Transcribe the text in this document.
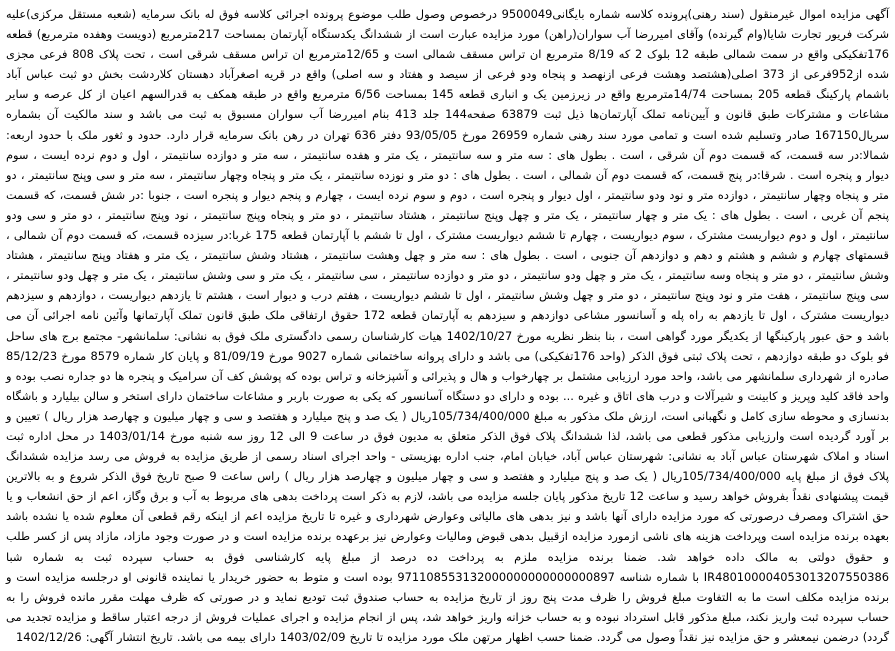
آگهی مزایده اموال غیرمنقول (سند رهنی)پرونده کلاسه شماره بایگانی9500049 درخصوص وصول طلب موضوع پرونده اجرائی کلاسه فوق له بانک سرمایه (شعبه مستقل مرکزی)علیه شرکت فریور تجارت شایا(وام گیرنده) وآقای امیررضا آب سواران(راهن) مورد مزایده عبارت است از ششدانگ یکدستگاه آپارتمان بمساحت 217مترمربع (دویست وهفده مترمربع) قطعه 176تفکیکی واقع در سمت شمالی طبقه 12 بلوک 2 که 8/19 مترمربع ان تراس مسقف شمالی است و 12/65مترمربع ان تراس مسقف شرقی است ، تحت پلاک 808 فرعی مجزی شده از952فرعی از 373 اصلی(هشتصد وهشت فرعی ازنهصد و پنجاه ودو فرعی از سیصد و هفتاد و سه اصلی) واقع در قریه اصغرآباد دهستان کلاردشت بخش دو ثبت عباس آباد باشمام پارکینگ قطعه 205 بمساحت 14/74مترمربع واقع در زیرزمین یک و انباری قطعه 145 بمساحت 6/56 مترمربع واقع در طبقه همکف به قدرالسهم اعیان از کل عرصه و سایر مشاعات و مشترکات طبق قانون و آیین‌نامه تملک آپارتمان‌ها ذیل ثبت 63879 صفحه144 جلد 413 بنام امیررضا آب سواران مسبوق به ثبت می باشد و سند مالکیت آن بشماره سریال167150 صادر وتسلیم شده است و تمامی مورد سند رهنی شماره 26959 مورخ 93/05/05 دفتر 636 تهران در رهن بانک سرمایه قرار دارد. حدود و ثغور ملک با حدود اربعه: شمالا:در سه قسمت، که قسمت دوم آن شرقی ، است . بطول های : سه متر و سه سانتیمتر ، یک متر و هفده سانتیمتر ، سه متر و دوازده سانتیمتر ، اول و دوم نرده ایست ، سوم دیوار و پنجره است . شرقا:در پنج قسمت، که قسمت دوم آن شمالی ، است . بطول های : دو متر و نوزده سانتیمتر ، یک متر و پنجاه وچهار سانتیمتر ، سه متر و سی وپنج سانتیمتر ، دو متر و پنجاه وچهار سانتیمتر ، دوازده متر و نود ودو سانتیمتر ، اول دیوار و پنجره است ، دوم و سوم نرده ایست ، چهارم و پنجم دیوار و پنجره است ، جنوبا :در شش قسمت، که قسمت پنجم آن غربی ، است . بطول های : یک متر و چهار سانتیمتر ، یک متر و چهل وپنج سانتیمتر ، هشتاد سانتیمتر ، دو متر و پنجاه وپنج سانتیمتر ، نود وپنج سانتیمتر ، دو متر و سی ودو سانتیمتر ، اول و دوم دیواریست مشترک ، سوم دیواریست ، چهارم تا ششم دیواریست مشترک ، اول تا ششم با آپارتمان قطعه 175 غربا:در سیزده قسمت، که قسمت دوم آن شمالی ، قسمتهای چهارم و ششم و هشتم و دهم و دوازدهم آن جنوبی ، است . بطول های : سه متر و چهل وهشت سانتیمتر ، هشتاد وشش سانتیمتر ، یک متر و هفتاد وپنج سانتیمتر ، هشتاد وشش سانتیمتر ، دو متر و پنجاه وسه سانتیمتر ، یک متر و چهل ودو سانتیمتر ، دو متر و دوازده سانتیمتر ، سی سانتیمتر ، یک متر و سی وشش سانتیمتر ، یک متر و چهل ودو سانتیمتر ، سی وپنج سانتیمتر ، هفت متر و نود وپنج سانتیمتر ، دو متر و چهل وشش سانتیمتر ، اول تا ششم دیواریست ، هفتم درب و دیوار است ، هشتم تا یازدهم دیواریست ، دوازدهم و سیزدهم دیواریست مشترک ، اول تا یازدهم به راه پله و آسانسور مشاعی دوازدهم و سیزدهم به آپارتمان قطعه 172 حقوق ارتفاقی ملک طبق قانون تملک آپارتمانها وآئین نامه اجرائی آن می باشد و حق عبور پارکینگها از یکدیگر مورد گواهی است ، بنا بنظر نظریه مورخ 1402/10/27 هیات کارشناسان رسمی دادگستری ملک فوق به نشانی: سلمانشهر- مجتمع برج های ساحل فو بلوک دو طبقه دوازدهم ، تحت پلاک ثبتی فوق الذکر (واحد 176تفکیکی) می باشد و دارای پروانه ساختمانی شماره 9027 مورخ 81/09/19 و پایان کار شماره 8579 مورخ 85/12/23 صادره از شهرداری سلمانشهر می باشد، واحد مورد ارزیابی مشتمل بر چهارخواب و هال و پذیرائی و آشپزخانه و تراس بوده که پوشش کف آن سرامیک و پنجره ها دو جداره نصب بوده و واحد فاقد کلید وپریز و کابینت و شیرآلات و درب های اتاق و غیره ... بوده و دارای دو دستگاه آسانسور که یکی به صورت باربر و مشاعات ساختمان دارای استخر و سالن بیلیارد و باشگاه بدنسازی و محوطه سازی کامل و نگهبانی است، ارزش ملک مذکور به مبلغ 105/734/400/000ریال ( یک صد و پنج میلیارد و هفتصد و سی و چهار میلیون و چهارصد هزار ریال ) تعیین و بر آورد گردیده است وارزیابی مذکور قطعی می باشد، لذا ششدانگ پلاک فوق الذکر متعلق به مدیون فوق در ساعت 9 الی 12 روز سه شنبه مورخ 1403/01/14 در محل اداره ثبت اسناد و املاک شهرستان عباس آباد به نشانی: شهرستان عباس آباد، خیابان امام، جنب اداره بهزیستی - واحد اجرای اسناد رسمی از طریق مزایده به فروش می رسد مزایده ششدانگ پلاک فوق از مبلغ پایه 105/734/400/000ریال ( یک صد و پنج میلیارد و هفتصد و سی و چهار میلیون و چهارصد هزار ریال ) راس ساعت 9 صبح تاریخ فوق الذکر شروع و به بالاترین قیمت پیشنهادی نقداً بفروش خواهد رسید و ساعت 12 تاریخ مذکور پایان جلسه مزایده می باشد، لازم به ذکر است پرداخت بدهی های مربوط به آب و برق وگاز، اعم از حق انشعاب و یا حق اشتراک ومصرف درصورتی که مورد مزایده دارای آنها باشد و نیز بدهی های مالیاتی وعوارض شهرداری و غیره تا تاریخ مزایده اعم از اینکه رقم قطعی آن معلوم شده یا نشده باشد بعهده برنده مزایده است وپرداخت هزینه های ناشی ازمورد مزایده ازقبیل بدهی قبوض ومالیات وعوارض نیز برعهده برنده مزایده است و در صورت وجود مازاد، مازاد پس از کسر طلب و حقوق دولتی به مالک داده خواهد شد. ضمنا برنده مزایده ملزم به پرداخت ده درصد از مبلغ پایه کارشناسی فوق به حساب سپرده ثبت به شماره شبا IR480100004053013207550386 با شماره شناسه 971108553132000000000000000897 بوده است و متوط به حضور خریدار یا نماینده قانونی او درجلسه مزایده است و برنده مزایده مکلف است ما به التفاوت مبلغ فروش را ظرف مدت پنج روز از تاریخ مزایده به حساب صندوق ثبت تودیع نماید و در صورتی که ظرف مهلت مقرر مانده فروش را به حساب سپرده ثبت واریز نکند، مبلغ مذکور قابل استرداد نبوده و به حساب خزانه واریز خواهد شد، پس از انجام مزایده و اجرای عملیات فروش از درجه اعتبار ساقط و مزایده تجدید می گردد) درضمن نیمعشر و حق مزایده نیز نقداً وصول می گردد. ضمنا حسب اظهار مرتهن ملک مورد مزایده تا تاریخ 1403/02/09 دارای بیمه می باشد. تاریخ انتشار آگهی: 1402/12/26
